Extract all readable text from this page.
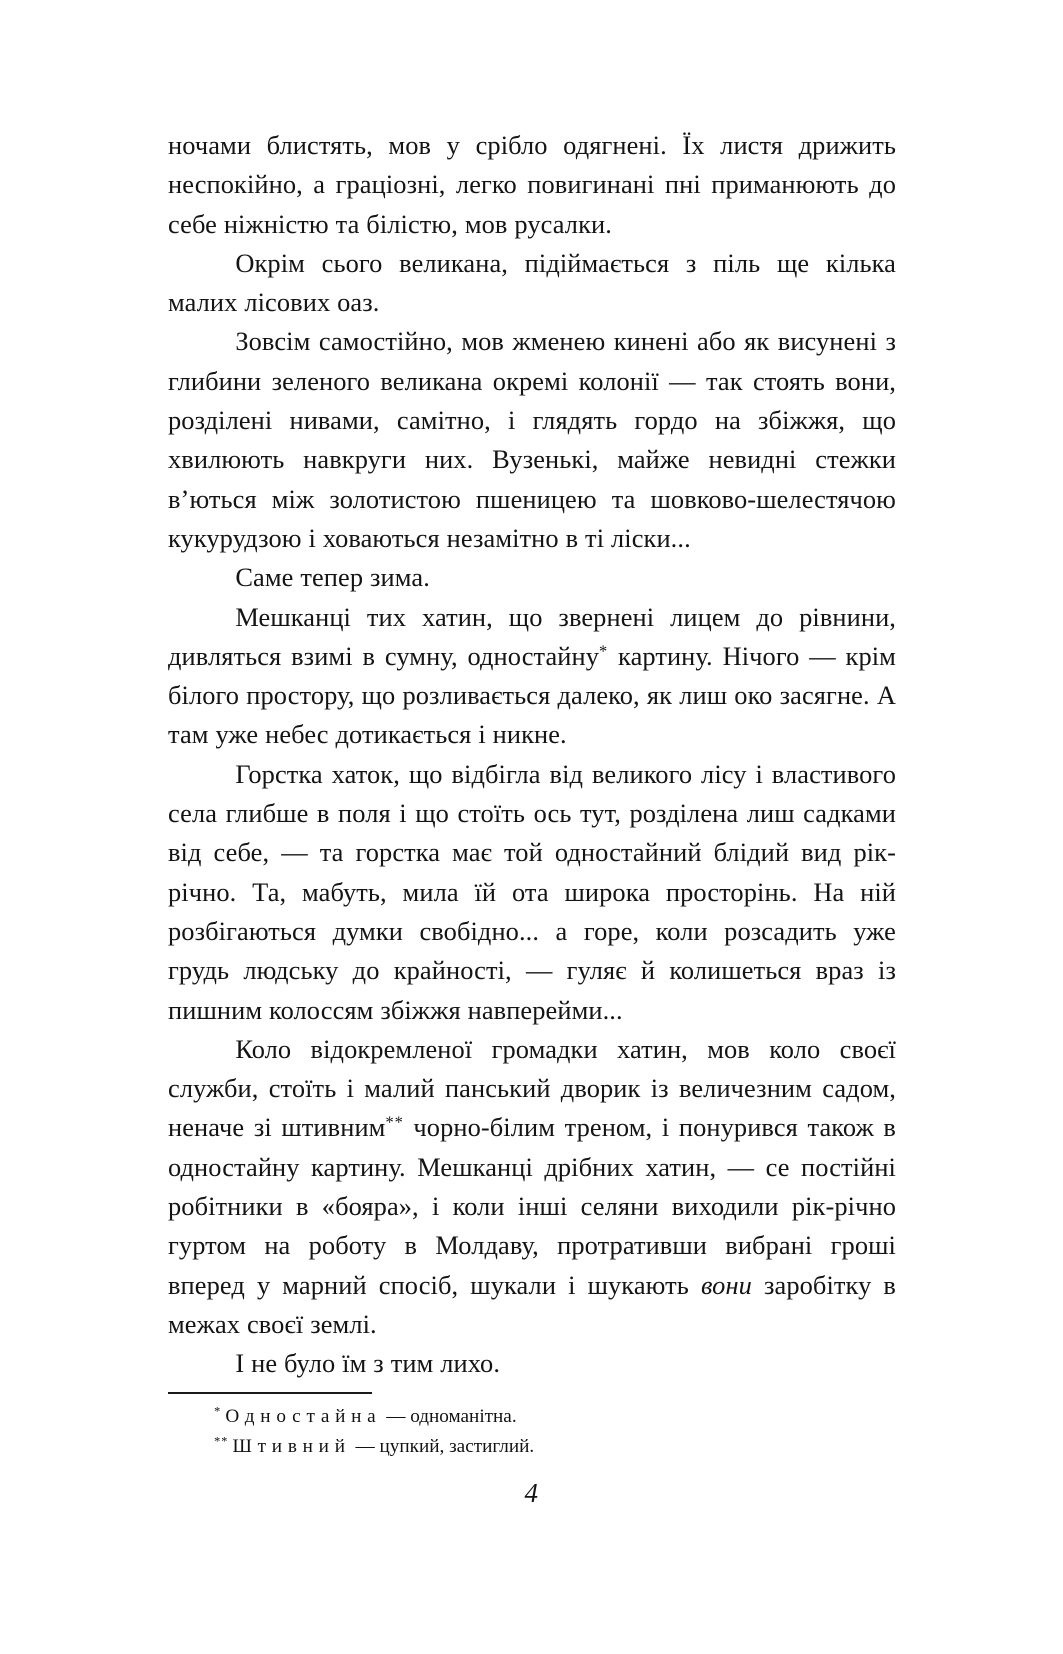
ночами блистять, мов у срібло одягнені. Їх листя дрижить неспокійно, а граціозні, легко повигинані пні приманюють до себе ніжністю та білістю, мов русалки.

Окрім сього великана, підіймається з піль ще кілька малих лісових оаз.

Зовсім самостійно, мов жменею кинені або як висунені з глибини зеленого великана окремі колонії — так стоять вони, розділені нивами, самітно, і глядять гордо на збіжжя, що хвилюють навкруги них. Вузенькі, майже невидні стежки в’ються між золотистою пшеницею та шовково-шелестячою кукурудзою і ховаються незамітно в ті ліски...

Саме тепер зима.

Мешканці тих хатин, що звернені лицем до рівнини, дивляться взимі в сумну, одностайну* картину. Нічого — крім білого простору, що розливається далеко, як лиш око засягне. А там уже небес дотикається і никне.

Горстка хаток, що відбігла від великого лісу і властивого села глибше в поля і що стоїть ось тут, розділена лиш садками від себе, — та горстка має той одностайний блідий вид рік-річно. Та, мабуть, мила їй ота широка просторінь. На ній розбігаються думки свобідно... а горе, коли розсадить уже грудь людську до крайності, — гуляє й колишеться враз із пишним колоссям збіжжя навперейми...

Коло відокремленої громадки хатин, мов коло своєї служби, стоїть і малий панський дворик із величезним садом, неначе зі штивним** чорно-білим треном, і понурився також в одностайну картину. Мешканці дрібних хатин, — се постійні робітники в «бояра», і коли інші селяни виходили рік-річно гуртом на роботу в Молдаву, протративши вибрані гроші вперед у марний спосіб, шукали і шукають вони заробітку в межах своєї землі.

І не було їм з тим лихо.

* Одностайна — одноманітна.

** Штивний — цупкий, застиглий.

4
